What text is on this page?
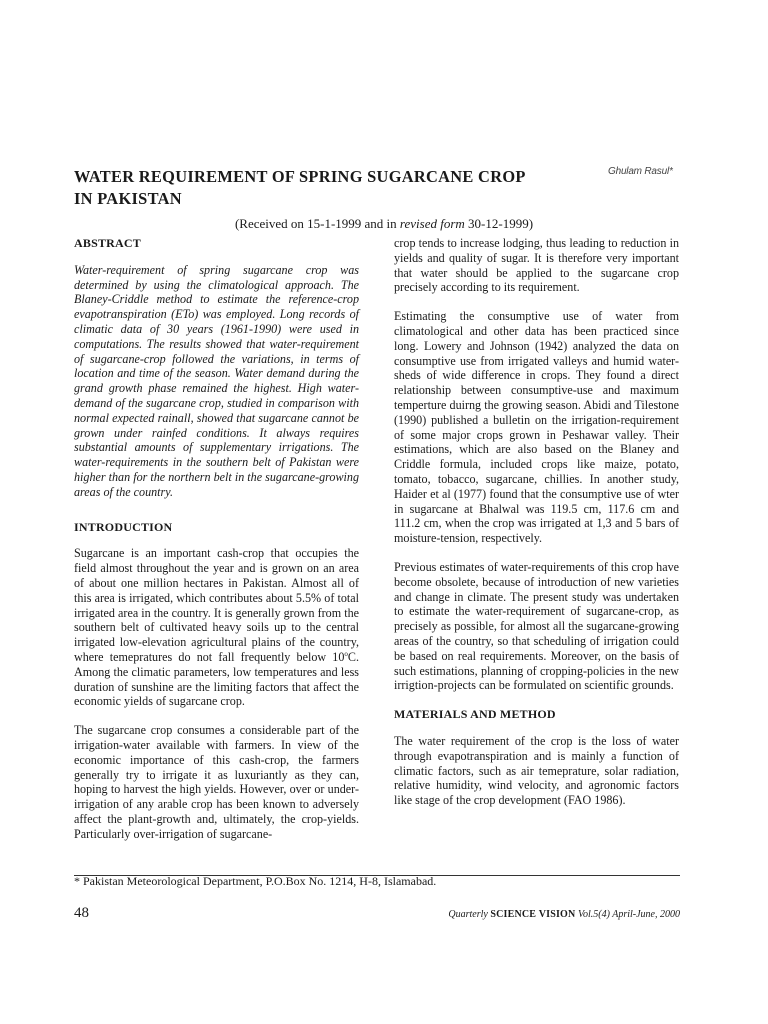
WATER REQUIREMENT OF SPRING SUGARCANE CROP IN PAKISTAN
Ghulam Rasul*
(Received on 15-1-1999 and in revised form 30-12-1999)
ABSTRACT

Water-requirement of spring sugarcane crop was determined by using the climatological approach. The Blaney-Criddle method to estimate the reference-crop evapotranspiration (ETo) was employed. Long records of climatic data of 30 years (1961-1990) were used in computations. The results showed that water-requirement of sugarcane-crop followed the variations, in terms of location and time of the season. Water demand during the grand growth phase remained the highest. High water-demand of the sugarcane crop, studied in comparison with normal expected rainall, showed that sugarcane cannot be grown under rainfed conditions. It always requires substantial amounts of supplementary irrigations. The water-requirements in the southern belt of Pakistan were higher than for the northern belt in the sugarcane-growing areas of the country.

INTRODUCTION

Sugarcane is an important cash-crop that occupies the field almost throughout the year and is grown on an area of about one million hectares in Pakistan. Almost all of this area is irrigated, which contributes about 5.5% of total irrigated area in the country. It is generally grown from the southern belt of cultivated heavy soils up to the central irrigated low-elevation agricultural plains of the country, where temepratures do not fall frequently below 10$^o$C. Among the climatic parameters, low temperatures and less duration of sunshine are the limiting factors that affect the economic yields of sugarcane crop.

The sugarcane crop consumes a considerable part of the irrigation-water available with farmers. In view of the economic importance of this cash-crop, the farmers generally try to irrigate it as luxuriantly as they can, hoping to harvest the high yields. However, over or under-irrigation of any arable crop has been known to adversely affect the plant-growth and, ultimately, the crop-yields. Particularly over-irrigation of sugarcane-

crop tends to increase lodging, thus leading to reduction in yields and quality of sugar. It is therefore very important that water should be applied to the sugarcane crop precisely according to its requirement.

Estimating the consumptive use of water from climatological and other data has been practiced since long. Lowery and Johnson (1942) analyzed the data on consumptive use from irrigated valleys and humid water-sheds of wide difference in crops. They found a direct relationship between consumptive-use and maximum temperture duirng the growing season. Abidi and Tilestone (1990) published a bulletin on the irrigation-requirement of some major crops grown in Peshawar valley. Their estimations, which are also based on the Blaney and Criddle formula, included crops like maize, potato, tomato, tobacco, sugarcane, chillies. In another study, Haider et al (1977) found that the consumptive use of wter in sugarcane at Bhalwal was 119.5 cm, 117.6 cm and 111.2 cm, when the crop was irrigated at 1,3 and 5 bars of moisture-tension, respectively.

Previous estimates of water-requirements of this crop have become obsolete, because of introduction of new varieties and change in climate. The present study was undertaken to estimate the water-requirement of sugarcane-crop, as precisely as possible, for almost all the sugarcane-growing areas of the country, so that scheduling of irrigation could be based on real requirements. Moreover, on the basis of such estimations, planning of cropping-policies in the new irrigtion-projects can be formulated on scientific grounds.

MATERIALS AND METHOD

The water requirement of the crop is the loss of water through evapotranspiration and is mainly a function of climatic factors, such as air temeprature, solar radiation, relative humidity, wind velocity, and agronomic factors like stage of the crop development (FAO 1986).

* Pakistan Meteorological Department, P.O.Box No. 1214, H-8, Islamabad.
48	Quarterly SCIENCE VISION Vol.5(4) April-June, 2000
